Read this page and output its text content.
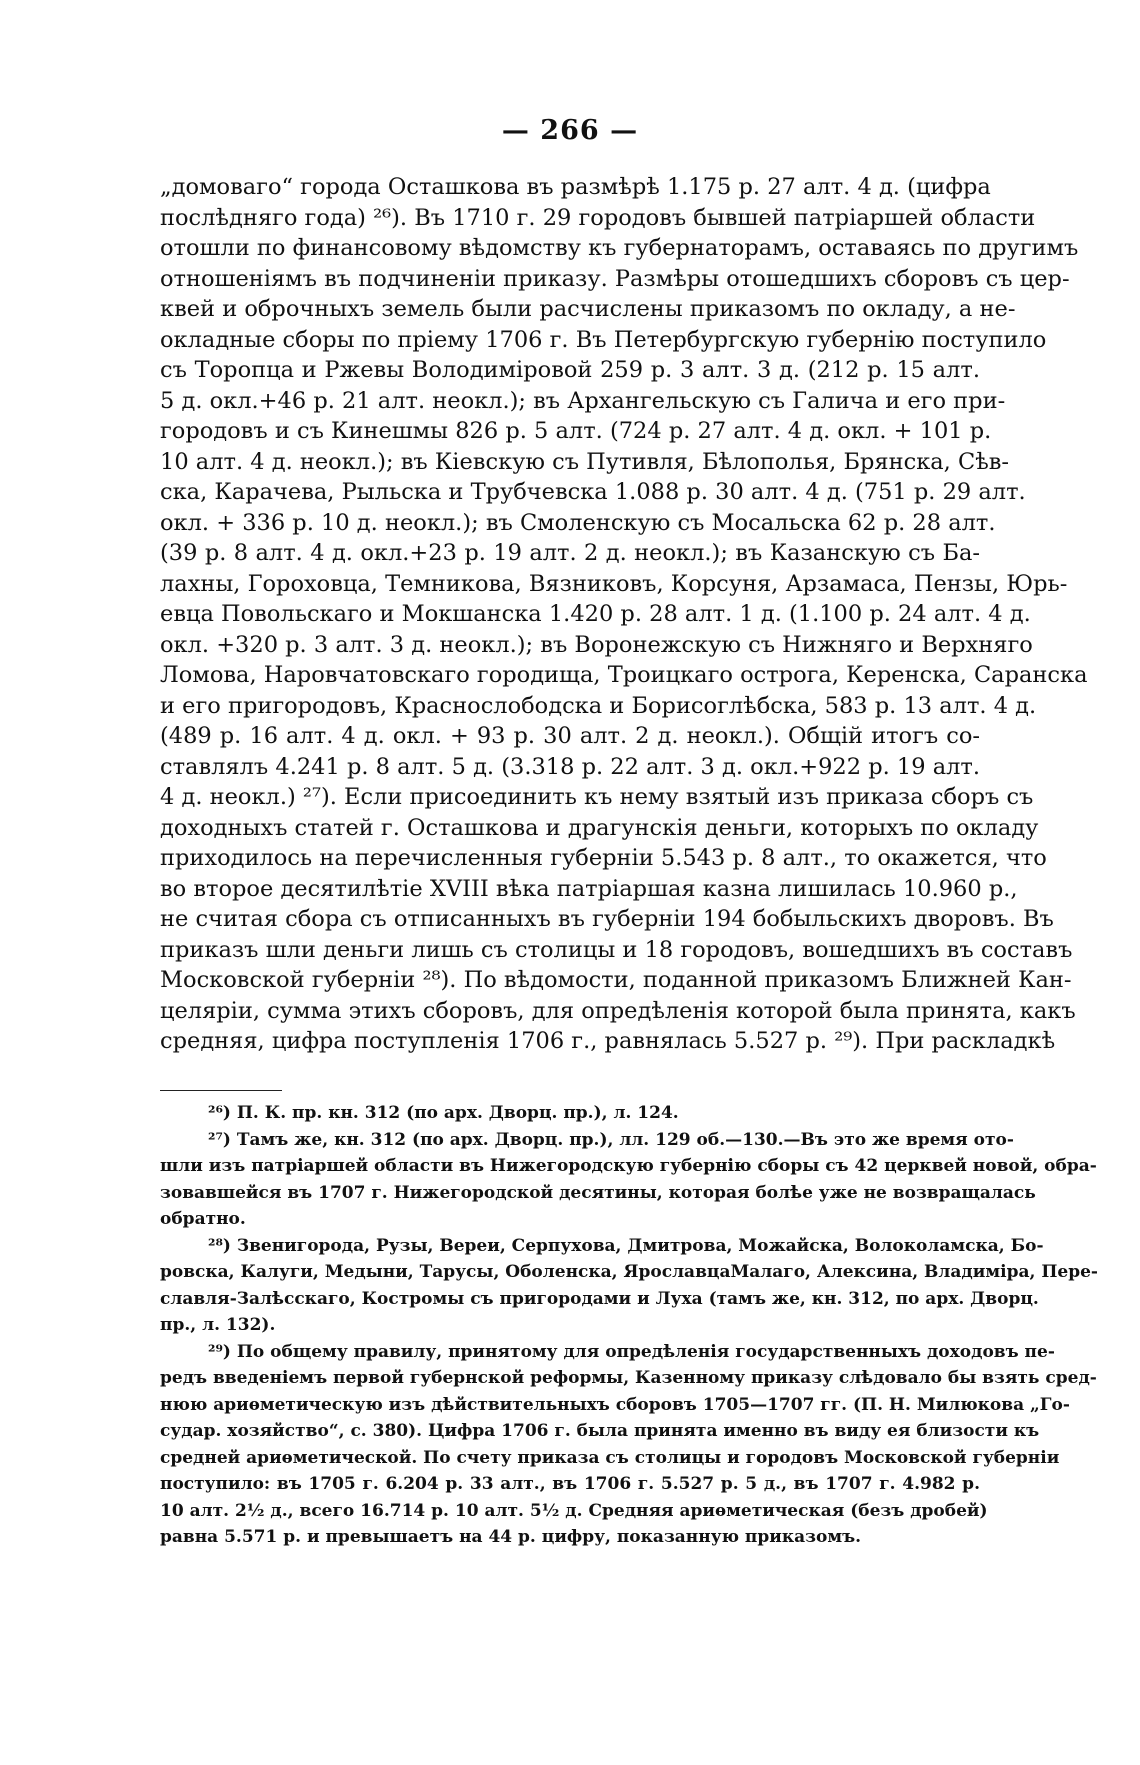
— 266 —
„домоваго“ города Осташкова въ размѣрѣ 1.175 р. 27 алт. 4 д. (цифра
послѣдняго года) ²⁶). Въ 1710 г. 29 городовъ бывшей патріаршей области
отошли по финансовому вѣдомству къ губернаторамъ, оставаясь по другимъ
отношеніямъ въ подчиненіи приказу. Размѣры отошедшихъ сборовъ съ цер-
квей и оброчныхъ земель были расчислены приказомъ по окладу, а не-
окладные сборы по пріему 1706 г. Въ Петербургскую губернію поступило
съ Торопца и Ржевы Володимiровой 259 р. 3 алт. 3 д. (212 р. 15 алт.
5 д. окл.+46 р. 21 алт. неокл.); въ Архангельскую съ Галича и его при-
городовъ и съ Кинешмы 826 р. 5 алт. (724 р. 27 алт. 4 д. окл. + 101 р.
10 алт. 4 д. неокл.); въ Кіевскую съ Путивля, Бѣлополья, Брянска, Сѣв-
ска, Карачева, Рыльска и Трубчевска 1.088 р. 30 алт. 4 д. (751 р. 29 алт.
окл. + 336 р. 10 д. неокл.); въ Смоленскую съ Мосальска 62 р. 28 алт.
(39 р. 8 алт. 4 д. окл.+23 р. 19 алт. 2 д. неокл.); въ Казанскую съ Ба-
лахны, Гороховца, Темникова, Вязниковъ, Корсуня, Арзамаса, Пензы, Юрь-
евца Повольскаго и Мокшанска 1.420 р. 28 алт. 1 д. (1.100 р. 24 алт. 4 д.
окл. +320 р. 3 алт. 3 д. неокл.); въ Воронежскую съ Нижняго и Верхняго
Ломова, Наровчатовскаго городища, Троицкаго острога, Керенска, Саранска
и его пригородовъ, Краснослободска и Борисоглѣбска, 583 р. 13 алт. 4 д.
(489 р. 16 алт. 4 д. окл. + 93 р. 30 алт. 2 д. неокл.). Общій итогъ со-
ставлялъ 4.241 р. 8 алт. 5 д. (3.318 р. 22 алт. 3 д. окл.+922 р. 19 алт.
4 д. неокл.) ²⁷). Если присоединить къ нему взятый изъ приказа сборъ съ
доходныхъ статей г. Осташкова и драгунскія деньги, которыхъ по окладу
приходилось на перечисленныя губерніи 5.543 р. 8 алт., то окажется, что
во второе десятилѣтіе XVIII вѣка патріаршая казна лишилась 10.960 р.,
не считая сбора съ отписанныхъ въ губерніи 194 бобыльскихъ дворовъ. Въ
приказъ шли деньги лишь съ столицы и 18 городовъ, вошедшихъ въ составъ
Московской губерніи ²⁸). По вѣдомости, поданной приказомъ Ближней Кан-
целяріи, сумма этихъ сборовъ, для опредѣленія которой была принята, какъ
средняя, цифра поступленія 1706 г., равнялась 5.527 р. ²⁹). При раскладкѣ
²⁶) П. К. пр. кн. 312 (по арх. Дворц. пр.), л. 124.
²⁷) Тамъ же, кн. 312 (по арх. Дворц. пр.), лл. 129 об.—130.—Въ это же время ото-
шли изъ патріаршей области въ Нижегородскую губернію сборы съ 42 церквей новой, обра-
зовавшейся въ 1707 г. Нижегородской десятины, которая болѣе уже не возвращалась
обратно.
²⁸) Звенигорода, Рузы, Вереи, Серпухова, Дмитрова, Можайска, Волоколамска, Бо-
ровска, Калуги, Медыни, Тарусы, Оболенска, ЯрославцаМалаго, Алексина, Владиміра, Пере-
славля-Залѣсскаго, Костромы съ пригородами и Луха (тамъ же, кн. 312, по арх. Дворц.
пр., л. 132).
²⁹) По общему правилу, принятому для опредѣленія государственныхъ доходовъ пе-
редъ введеніемъ первой губернской реформы, Казенному приказу слѣдовало бы взять сред-
нюю ариѳметическую изъ дѣйствительныхъ сборовъ 1705—1707 гг. (П. Н. Милюкова „Го-
судар. хозяйство“, с. 380). Цифра 1706 г. была принята именно въ виду ея близости къ
средней ариѳметической. По счету приказа съ столицы и городовъ Московской губерніи
поступило: въ 1705 г. 6.204 р. 33 алт., въ 1706 г. 5.527 р. 5 д., въ 1707 г. 4.982 р.
10 алт. 2½ д., всего 16.714 р. 10 алт. 5½ д. Средняя ариѳметическая (безъ дробей)
равна 5.571 р. и превышаетъ на 44 р. цифру, показанную приказомъ.
